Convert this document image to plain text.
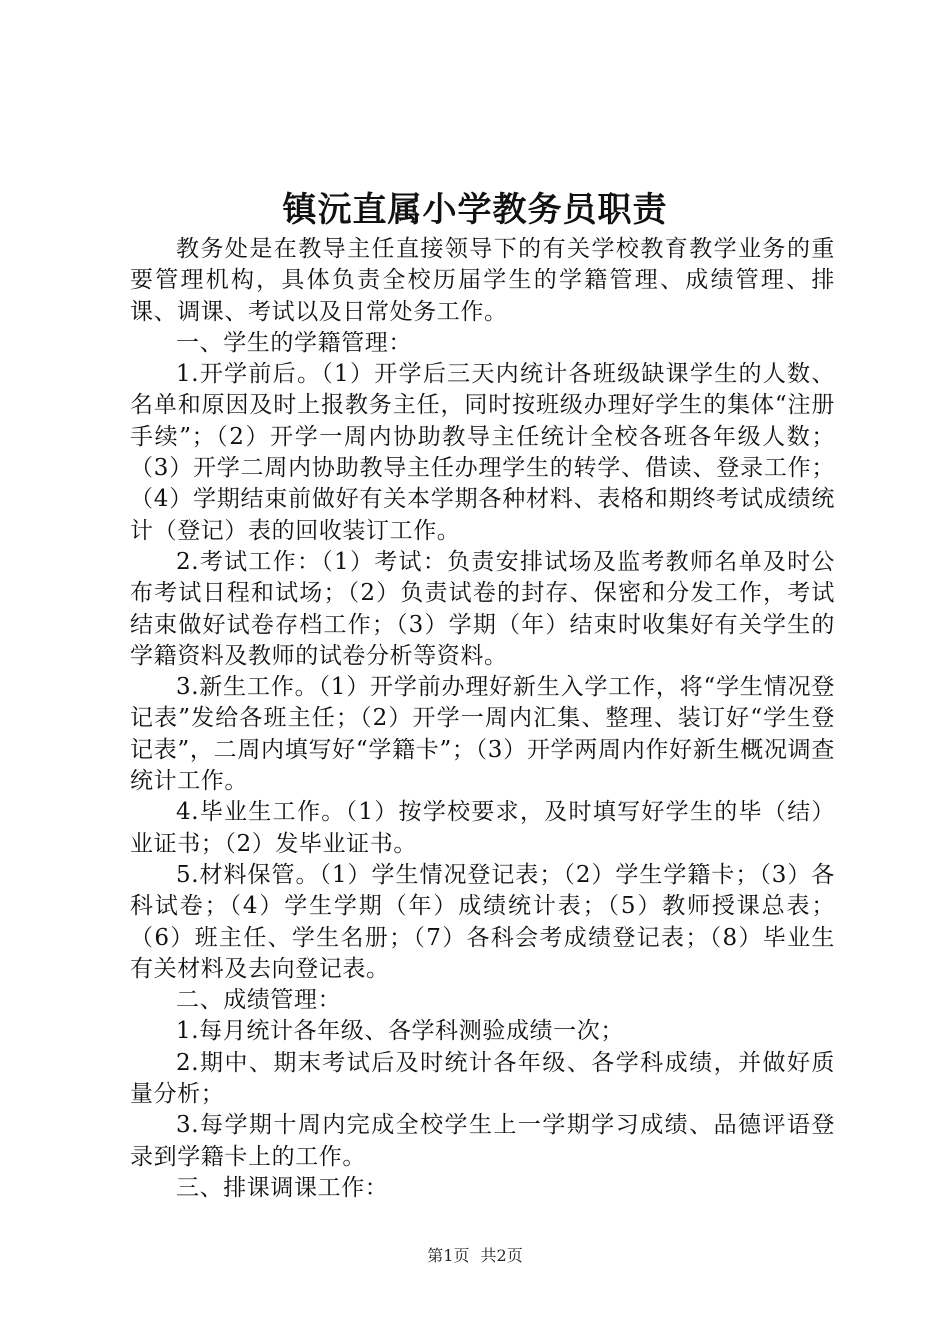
镇沅直属小学教务员职责

教务处是在教导主任直接领导下的有关学校教育教学业务的重要管理机构，具体负责全校历届学生的学籍管理、成绩管理、排课、调课、考试以及日常处务工作。

一、学生的学籍管理：

1.开学前后。（1）开学后三天内统计各班级缺课学生的人数、名单和原因及时上报教务主任，同时按班级办理好学生的集体“注册手续”；（2）开学一周内协助教导主任统计全校各班各年级人数；（3）开学二周内协助教导主任办理学生的转学、借读、登录工作；（4）学期结束前做好有关本学期各种材料、表格和期终考试成绩统计（登记）表的回收装订工作。

2.考试工作：（1）考试：负责安排试场及监考教师名单及时公布考试日程和试场；（2）负责试卷的封存、保密和分发工作，考试结束做好试卷存档工作；（3）学期（年）结束时收集好有关学生的学籍资料及教师的试卷分析等资料。

3.新生工作。（1）开学前办理好新生入学工作，将“学生情况登记表”发给各班主任；（2）开学一周内汇集、整理、装订好“学生登记表”，二周内填写好“学籍卡”；（3）开学两周内作好新生概况调查统计工作。

4.毕业生工作。（1）按学校要求，及时填写好学生的毕（结）业证书；（2）发毕业证书。

5.材料保管。（1）学生情况登记表；（2）学生学籍卡；（3）各科试卷；（4）学生学期（年）成绩统计表；（5）教师授课总表；（6）班主任、学生名册；（7）各科会考成绩登记表；（8）毕业生有关材料及去向登记表。

二、成绩管理：

1.每月统计各年级、各学科测验成绩一次；

2.期中、期末考试后及时统计各年级、各学科成绩，并做好质量分析；

3.每学期十周内完成全校学生上一学期学习成绩、品德评语登录到学籍卡上的工作。

三、排课调课工作：

第1页 共2页
